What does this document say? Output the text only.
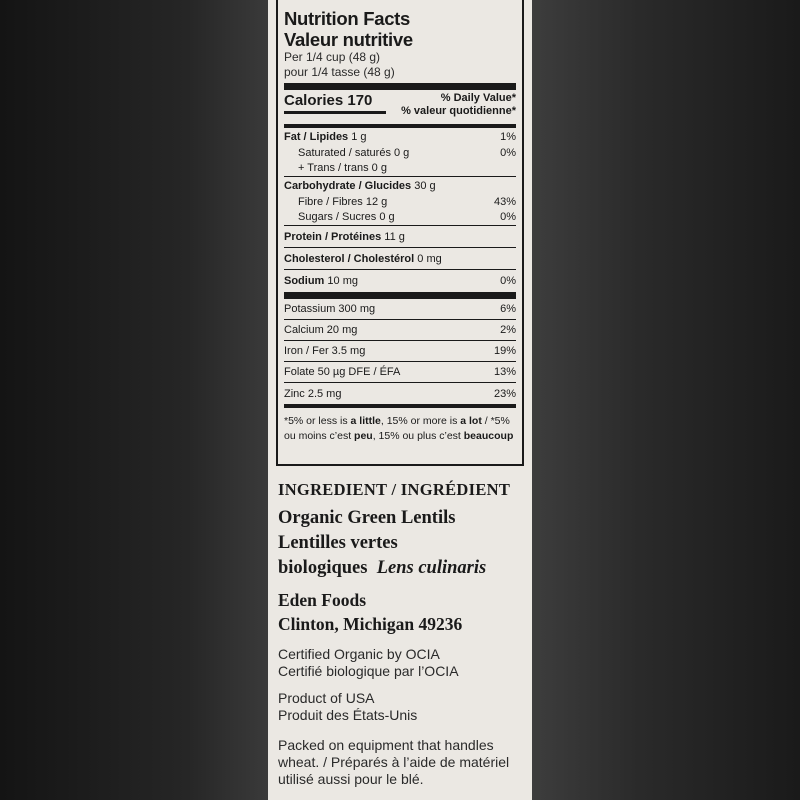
Nutrition Facts
Valeur nutritive
Per 1/4 cup (48 g)
pour 1/4 tasse (48 g)
Calories 170	% Daily Value*
% valeur quotidienne*
Fat / Lipides 1 g	1%
Saturated / saturés 0 g	0%
+ Trans / trans 0 g
Carbohydrate / Glucides 30 g
Fibre / Fibres 12 g	43%
Sugars / Sucres 0 g	0%
Protein / Protéines 11 g
Cholesterol / Cholestérol 0 mg
Sodium 10 mg	0%
Potassium 300 mg	6%
Calcium 20 mg	2%
Iron / Fer 3.5 mg	19%
Folate 50 µg DFE / ÉFA	13%
Zinc 2.5 mg	23%
*5% or less is a little, 15% or more is a lot / *5% ou moins c’est peu, 15% ou plus c’est beaucoup
INGREDIENT / INGRÉDIENT
Organic Green Lentils
Lentilles vertes
biologiques Lens culinaris
Eden Foods
Clinton, Michigan 49236
Certified Organic by OCIA
Certifié biologique par l’OCIA
Product of USA
Produit des États-Unis
Packed on equipment that handles
wheat. / Préparés à l’aide de matériel
utilisé aussi pour le blé.
